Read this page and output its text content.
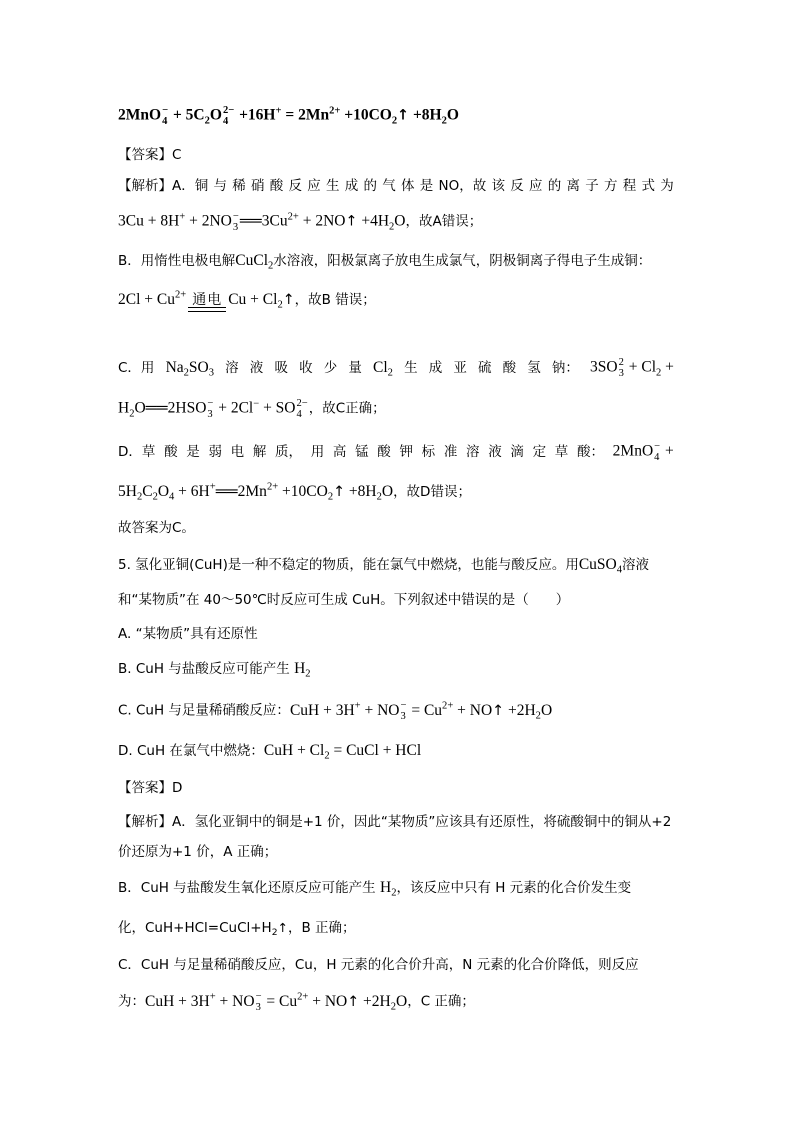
2MnO −
$4 + 5C_2O$ 2−
$4 +16H^+ = 2Mn^{2+}$ $+10CO_2↑ +8H_2O$
【答案】C
【解析】A．铜 与 稀 硝 酸 反 应 生 成 的 气 体 是 NO，故 该 反 应 的 离 子 方 程 式 为
3Cu + 8H+ + 2NO −
3 $══3Cu^{2+}$ + 2NO↑ $+4H_2O$，故A错误；
B．用惰性电极电解CuCl$_2$水溶液，阳极氯离子放电生成氯气，阴极铜离子得电子生成铜：
$2Cl + Cu^{2+}$ 通电 $Cu + Cl_2↑$，故B 错误；
C．用 $Na_2SO_3$ 溶 液 吸 收 少 量 $Cl_2$ 生 成 亚 硫 酸 氢 钠： 3SO 2
$3 + Cl_2$ +
$H_2O══2HSO$ −
3 + 2Cl− + SO 2−
4 ，故C正确；
D．草 酸 是 弱 电 解 质， 用 高 锰 酸 钾 标 准 溶 液 滴 定 草 酸： 2MnO −
4 +
$5H_2C_2O_4$ + $6H^+══2Mn^{2+}$ $+10CO_2↑ +8H_2O$，故D错误；
故答案为C。
5. 氢化亚铜(CuH)是一种不稳定的物质，能在氯气中燃烧，也能与酸反应。用CuSO$_4$溶液
和“某物质”在 40～50℃时反应可生成 CuH。下列叙述中错误的是（　　）
A. “某物质”具有还原性
B. CuH 与盐酸反应可能产生 $H_2$
C. CuH 与足量稀硝酸反应：CuH + 3H+ + NO −
$3 = Cu^{2+}$ + NO↑ $+2H_2O$
D. CuH 在氯气中燃烧：CuH + $Cl_2$ = CuCl + HCl
【答案】D
【解析】A．氢化亚铜中的铜是+1 价，因此“某物质”应该具有还原性，将硫酸铜中的铜从+2
价还原为+1 价，A 正确；
B．CuH 与盐酸发生氧化还原反应可能产生 $H_2$，该反应中只有 H 元素的化合价发生变
化，$CuH+HCl=CuCl+H_2↑$，B 正确；
C．CuH 与足量稀硝酸反应，Cu，H 元素的化合价升高，N 元素的化合价降低，则反应
为：CuH + 3H+ + NO −
$3 = Cu^{2+}$ + NO↑ $+2H_2O$，C 正确；
